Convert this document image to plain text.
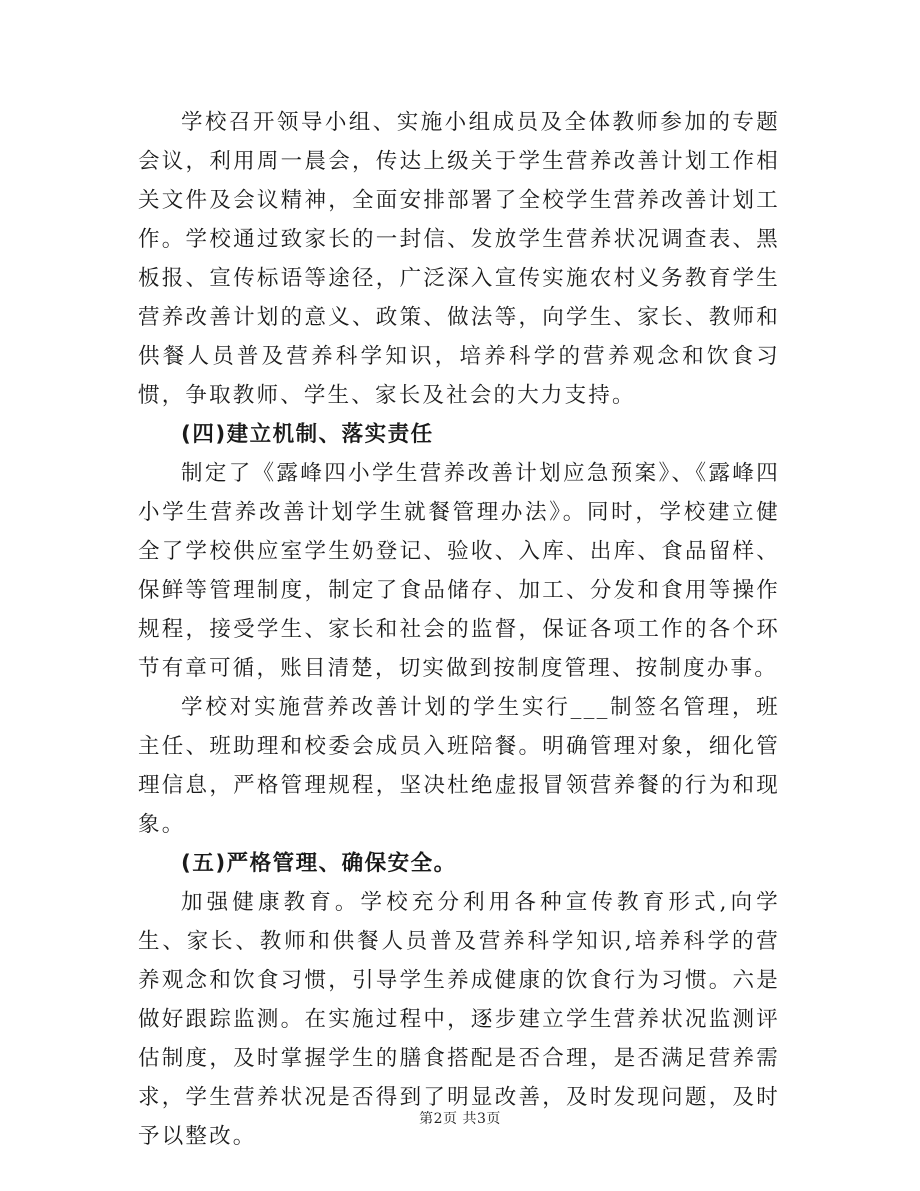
学校召开领导小组、实施小组成员及全体教师参加的专题会议，利用周一晨会，传达上级关于学生营养改善计划工作相关文件及会议精神，全面安排部署了全校学生营养改善计划工作。学校通过致家长的一封信、发放学生营养状况调查表、黑板报、宣传标语等途径，广泛深入宣传实施农村义务教育学生营养改善计划的意义、政策、做法等，向学生、家长、教师和供餐人员普及营养科学知识，培养科学的营养观念和饮食习惯，争取教师、学生、家长及社会的大力支持。

(四)建立机制、落实责任

制定了《露峰四小学生营养改善计划应急预案》、《露峰四小学生营养改善计划学生就餐管理办法》。同时，学校建立健全了学校供应室学生奶登记、验收、入库、出库、食品留样、保鲜等管理制度，制定了食品储存、加工、分发和食用等操作规程，接受学生、家长和社会的监督，保证各项工作的各个环节有章可循，账目清楚，切实做到按制度管理、按制度办事。

学校对实施营养改善计划的学生实行___制签名管理，班主任、班助理和校委会成员入班陪餐。明确管理对象，细化管理信息，严格管理规程，坚决杜绝虚报冒领营养餐的行为和现象。

(五)严格管理、确保安全。

加强健康教育。学校充分利用各种宣传教育形式,向学生、家长、教师和供餐人员普及营养科学知识,培养科学的营养观念和饮食习惯，引导学生养成健康的饮食行为习惯。六是做好跟踪监测。在实施过程中，逐步建立学生营养状况监测评估制度，及时掌握学生的膳食搭配是否合理，是否满足营养需求，学生营养状况是否得到了明显改善，及时发现问题，及时予以整改。

第2页 共3页
